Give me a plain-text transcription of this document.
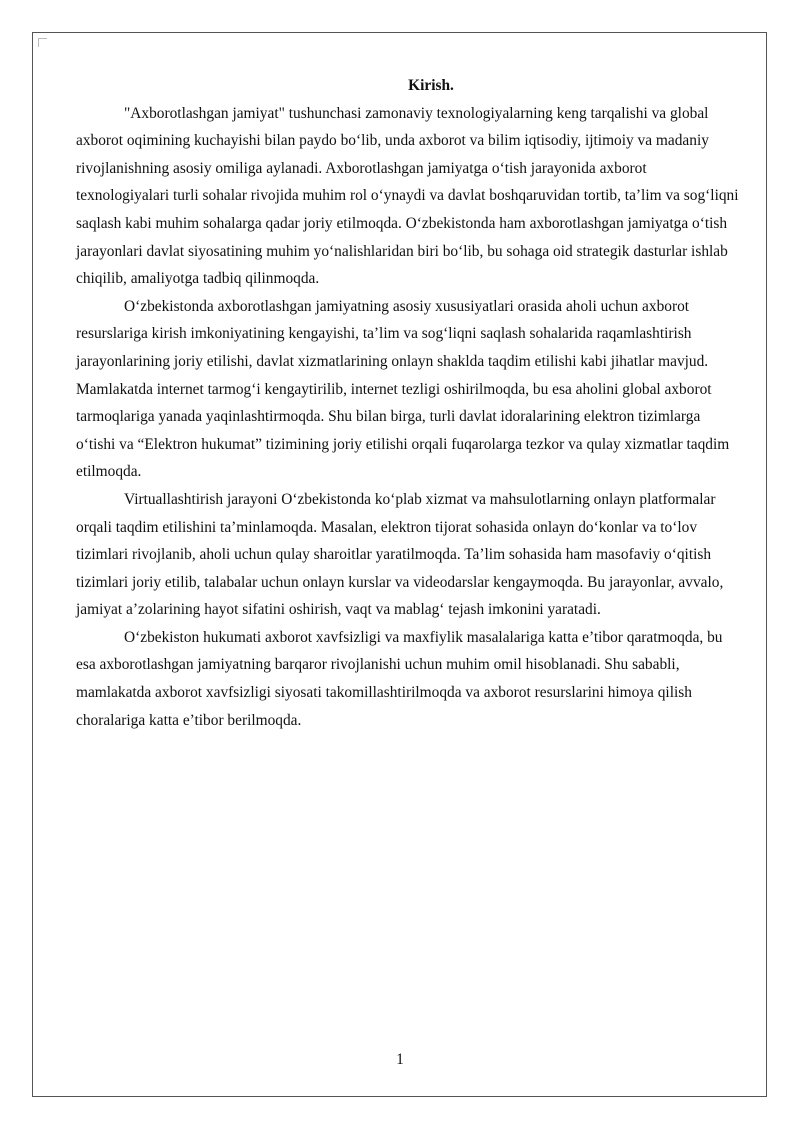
Kirish.

"Axborotlashgan jamiyat" tushunchasi zamonaviy texnologiyalarning keng tarqalishi va global axborot oqimining kuchayishi bilan paydo bo‘lib, unda axborot va bilim iqtisodiy, ijtimoiy va madaniy rivojlanishning asosiy omiliga aylanadi. Axborotlashgan jamiyatga o‘tish jarayonida axborot texnologiyalari turli sohalar rivojida muhim rol o‘ynaydi va davlat boshqaruvidan tortib, ta’lim va sog‘liqni saqlash kabi muhim sohalarga qadar joriy etilmoqda. O‘zbekistonda ham axborotlashgan jamiyatga o‘tish jarayonlari davlat siyosatining muhim yo‘nalishlaridan biri bo‘lib, bu sohaga oid strategik dasturlar ishlab chiqilib, amaliyotga tadbiq qilinmoqda.

O‘zbekistonda axborotlashgan jamiyatning asosiy xususiyatlari orasida aholi uchun axborot resurslariga kirish imkoniyatining kengayishi, ta’lim va sog‘liqni saqlash sohalarida raqamlashtirish jarayonlarining joriy etilishi, davlat xizmatlarining onlayn shaklda taqdim etilishi kabi jihatlar mavjud. Mamlakatda internet tarmog‘i kengaytirilib, internet tezligi oshirilmoqda, bu esa aholini global axborot tarmoqlariga yanada yaqinlashtirmoqda. Shu bilan birga, turli davlat idoralarining elektron tizimlarga o‘tishi va “Elektron hukumat” tizimining joriy etilishi orqali fuqarolarga tezkor va qulay xizmatlar taqdim etilmoqda.

Virtuallashtirish jarayoni O‘zbekistonda ko‘plab xizmat va mahsulotlarning onlayn platformalar orqali taqdim etilishini ta’minlamoqda. Masalan, elektron tijorat sohasida onlayn do‘konlar va to‘lov tizimlari rivojlanib, aholi uchun qulay sharoitlar yaratilmoqda. Ta’lim sohasida ham masofaviy o‘qitish tizimlari joriy etilib, talabalar uchun onlayn kurslar va videodarslar kengaymoqda. Bu jarayonlar, avvalo, jamiyat a’zolarining hayot sifatini oshirish, vaqt va mablag‘ tejash imkonini yaratadi.

O‘zbekiston hukumati axborot xavfsizligi va maxfiylik masalalariga katta e’tibor qaratmoqda, bu esa axborotlashgan jamiyatning barqaror rivojlanishi uchun muhim omil hisoblanadi. Shu sababli, mamlakatda axborot xavfsizligi siyosati takomillashtirilmoqda va axborot resurslarini himoya qilish choralariga katta e’tibor berilmoqda.

1
